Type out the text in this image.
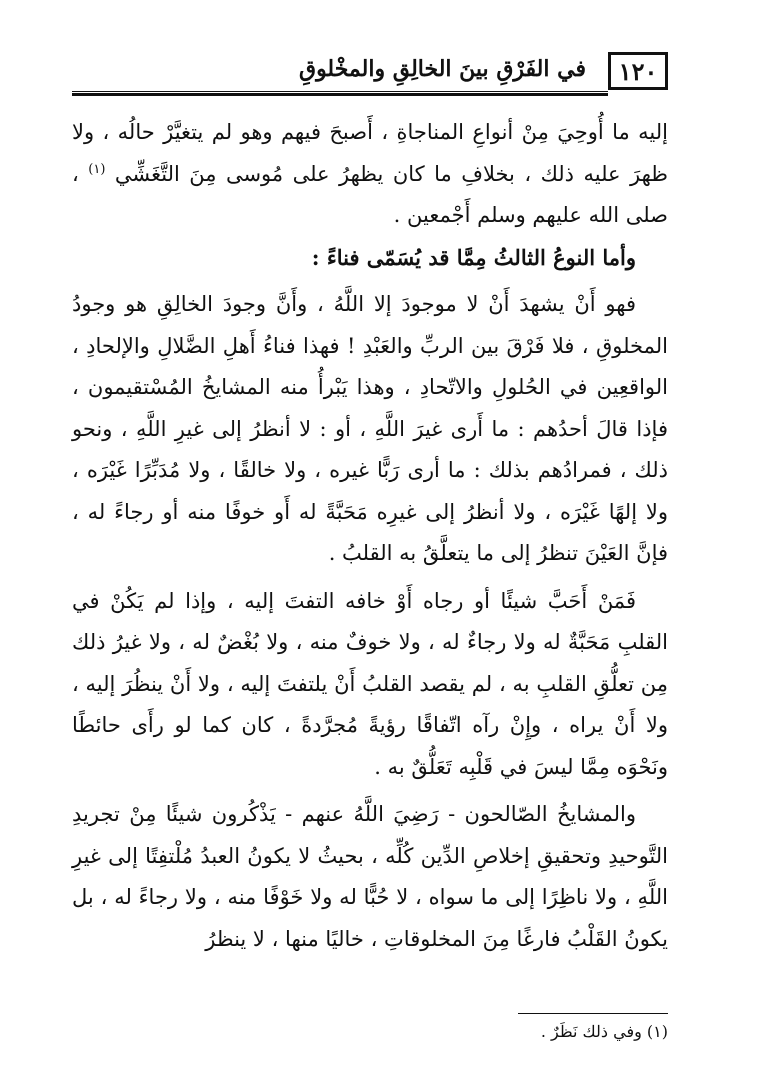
١٢٠
في الفَرْقِ بينَ الخالِقِ والمخْلوقِ

إليه ما أُوحِيَ مِنْ أنواعِ المناجاةِ ، أَصبحَ فيهم وهو لم يتغيَّرْ حالُه ، ولا ظهرَ عليه ذلك ، بخلافِ ما كان يظهرُ على مُوسى مِنَ التَّغَشِّي $^{(١)}$ ، صلى الله عليهم وسلم أَجْمعين .

وأما النوعُ الثالثُ مِمَّا قد يُسَمّى فناءً :

فهو أَنْ يشهدَ أَنْ لا موجودَ إلا اللَّهُ ، وأَنَّ وجودَ الخالِقِ هو وجودُ المخلوقِ ، فلا فَرْقَ بين الربِّ والعَبْدِ ! فهذا فناءُ أَهلِ الضَّلالِ والإلحادِ ، الواقعِين في الحُلولِ والاتّحادِ ، وهذا يَبْرأُ منه المشايخُ المُسْتقيمون ، فإذا قالَ أحدُهم : ما أَرى غيرَ اللَّهِ ، أو : لا أنظرُ إلى غيرِ اللَّهِ ، ونحو ذلك ، فمرادُهم بذلك : ما أرى رَبًّا غيره ، ولا خالقًا ، ولا مُدَبِّرًا غَيْرَه ، ولا إلهًا غَيْرَه ، ولا أنظرُ إلى غيرِه مَحَبَّةً له أَو خوفًا منه أو رجاءً له ، فإنَّ العَيْنَ تنظرُ إلى ما يتعلَّقُ به القلبُ .

فَمَنْ أَحَبَّ شيئًا أو رجاه أَوْ خافه التفتَ إليه ، وإذا لم يَكُنْ في القلبِ مَحَبَّةٌ له ولا رجاءٌ له ، ولا خوفٌ منه ، ولا بُغْضٌ له ، ولا غيرُ ذلك مِن تعلُّقِ القلبِ به ، لم يقصد القلبُ أَنْ يلتفتَ إليه ، ولا أَنْ ينظُرَ إليه ، ولا أَنْ يراه ، وإِنْ رآه اتّفاقًا رؤيةً مُجرَّدةً ، كان كما لو رأَى حائطًا ونَحْوَه مِمَّا ليسَ في قَلْبِه تَعَلُّقٌ به .

والمشايخُ الصّالحون - رَضِيَ اللَّهُ عنهم - يَذْكُرون شيئًا مِنْ تجريدِ التَّوحيدِ وتحقيقِ إخلاصِ الدِّين كُلِّه ، بحيثُ لا يكونُ العبدُ مُلْتفِتًا إلى غيرِ اللَّهِ ، ولا ناظِرًا إلى ما سواه ، لا حُبًّا له ولا خَوْفًا منه ، ولا رجاءً له ، بل يكونُ القَلْبُ فارغًا مِنَ المخلوقاتِ ، خاليًا منها ، لا ينظرُ

(١) وفي ذلك نَظَرٌ .
